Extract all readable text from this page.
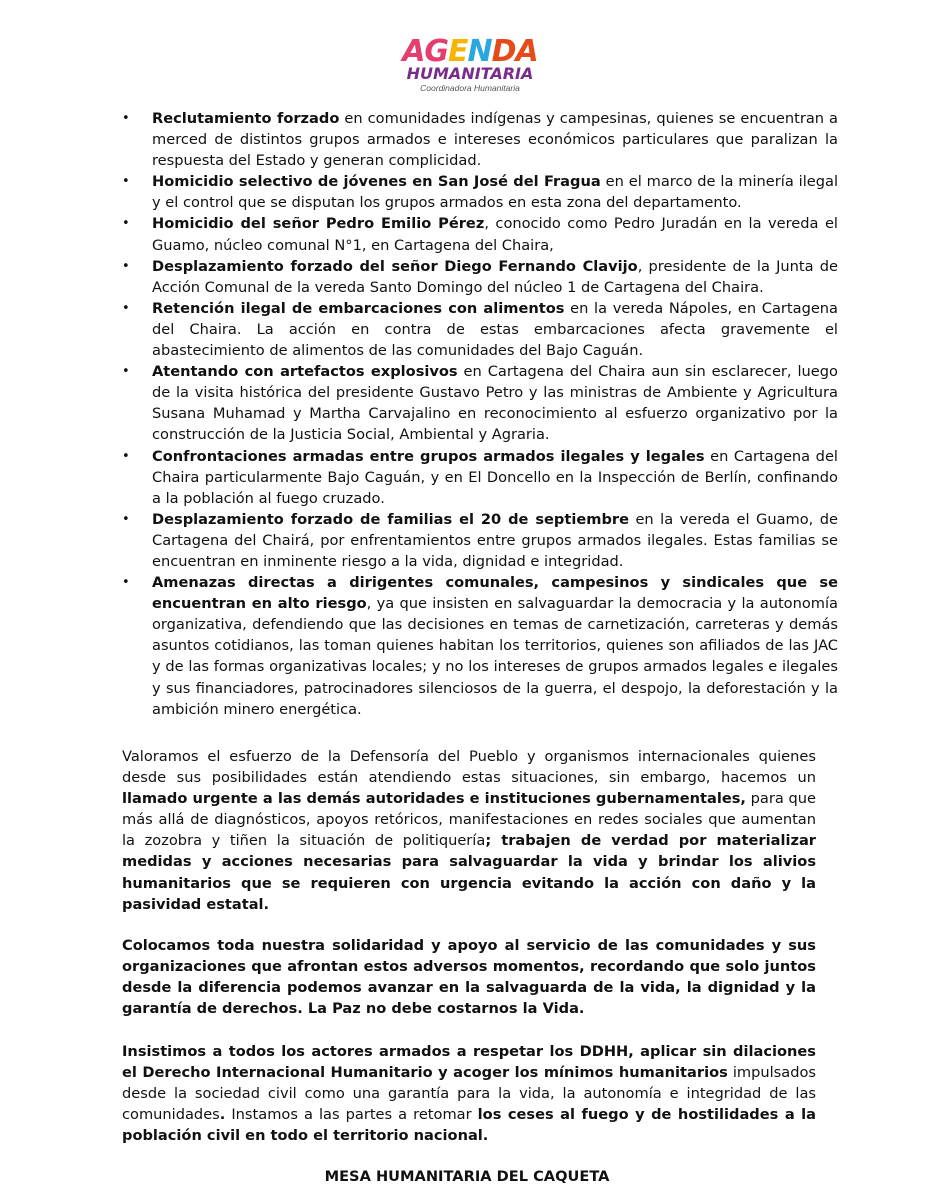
AGENDA
HUMANITARIA
Coordinadora Humanitaria
• Reclutamiento forzado en comunidades indígenas y campesinas, quienes se encuentran a merced de distintos grupos armados e intereses económicos particulares que paralizan la respuesta del Estado y generan complicidad.
• Homicidio selectivo de jóvenes en San José del Fragua en el marco de la minería ilegal y el control que se disputan los grupos armados en esta zona del departamento.
• Homicidio del señor Pedro Emilio Pérez, conocido como Pedro Juradán en la vereda el Guamo, núcleo comunal N°1, en Cartagena del Chaira,
• Desplazamiento forzado del señor Diego Fernando Clavijo, presidente de la Junta de Acción Comunal de la vereda Santo Domingo del núcleo 1 de Cartagena del Chaira.
• Retención ilegal de embarcaciones con alimentos en la vereda Nápoles, en Cartagena del Chaira. La acción en contra de estas embarcaciones afecta gravemente el abastecimiento de alimentos de las comunidades del Bajo Caguán.
• Atentando con artefactos explosivos en Cartagena del Chaira aun sin esclarecer, luego de la visita histórica del presidente Gustavo Petro y las ministras de Ambiente y Agricultura Susana Muhamad y Martha Carvajalino en reconocimiento al esfuerzo organizativo por la construcción de la Justicia Social, Ambiental y Agraria.
• Confrontaciones armadas entre grupos armados ilegales y legales en Cartagena del Chaira particularmente Bajo Caguán, y en El Doncello en la Inspección de Berlín, confinando a la población al fuego cruzado.
• Desplazamiento forzado de familias el 20 de septiembre en la vereda el Guamo, de Cartagena del Chairá, por enfrentamientos entre grupos armados ilegales. Estas familias se encuentran en inminente riesgo a la vida, dignidad e integridad.
• Amenazas directas a dirigentes comunales, campesinos y sindicales que se encuentran en alto riesgo, ya que insisten en salvaguardar la democracia y la autonomía organizativa, defendiendo que las decisiones en temas de carnetización, carreteras y demás asuntos cotidianos, las toman quienes habitan los territorios, quienes son afiliados de las JAC y de las formas organizativas locales; y no los intereses de grupos armados legales e ilegales y sus financiadores, patrocinadores silenciosos de la guerra, el despojo, la deforestación y la ambición minero energética.

Valoramos el esfuerzo de la Defensoría del Pueblo y organismos internacionales quienes desde sus posibilidades están atendiendo estas situaciones, sin embargo, hacemos un llamado urgente a las demás autoridades e instituciones gubernamentales, para que más allá de diagnósticos, apoyos retóricos, manifestaciones en redes sociales que aumentan la zozobra y tiñen la situación de politiquería; trabajen de verdad por materializar medidas y acciones necesarias para salvaguardar la vida y brindar los alivios humanitarios que se requieren con urgencia evitando la acción con daño y la pasividad estatal.

Colocamos toda nuestra solidaridad y apoyo al servicio de las comunidades y sus organizaciones que afrontan estos adversos momentos, recordando que solo juntos desde la diferencia podemos avanzar en la salvaguarda de la vida, la dignidad y la garantía de derechos. La Paz no debe costarnos la Vida.

Insistimos a todos los actores armados a respetar los DDHH, aplicar sin dilaciones el Derecho Internacional Humanitario y acoger los mínimos humanitarios impulsados desde la sociedad civil como una garantía para la vida, la autonomía e integridad de las comunidades. Instamos a las partes a retomar los ceses al fuego y de hostilidades a la población civil en todo el territorio nacional.

MESA HUMANITARIA DEL CAQUETA
